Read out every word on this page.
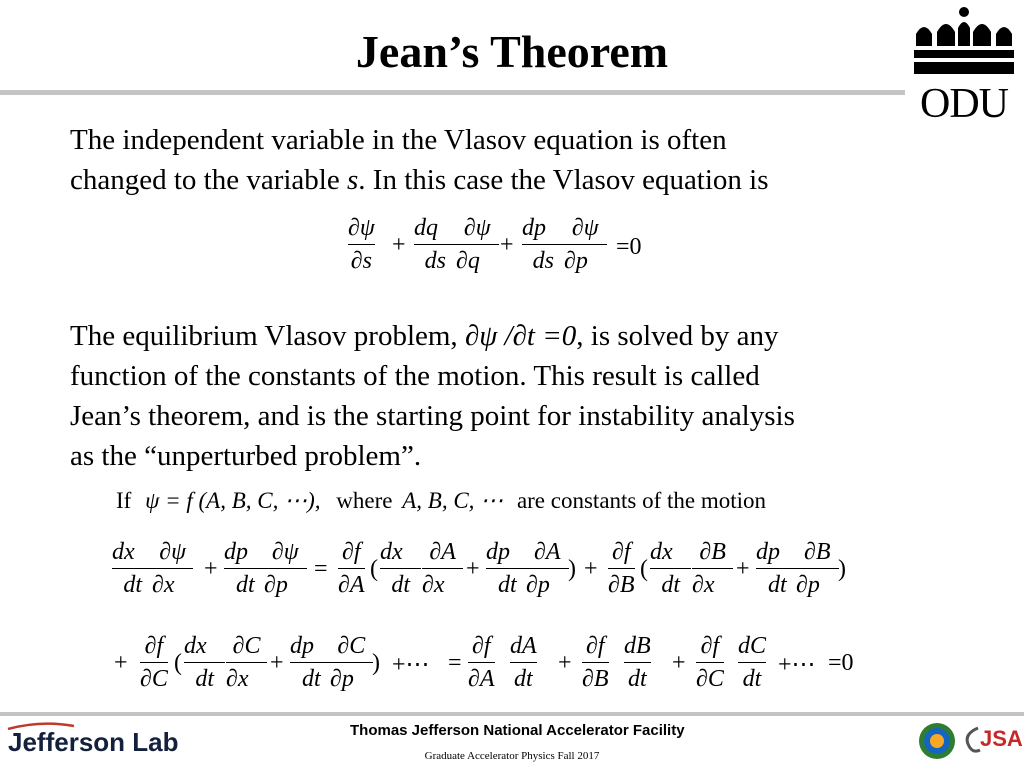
Jean’s Theorem
ODU
The independent variable in the Vlasov equation is often
changed to the variable s. In this case the Vlasov equation is
∂ψ
∂s
+
dq⃗
ds
∂ψ
∂q⃗
+
dp⃗
ds
∂ψ
∂p⃗
=0
The equilibrium Vlasov problem, ∂ψ /∂t =0, is solved by any
function of the constants of the motion. This result is called
Jean’s theorem, and is the starting point for instability analysis
as the “unperturbed problem”.
If ψ = f (A, B, C, ⋯), where A, B, C, ⋯ are constants of the motion
dx⃗
dt
∂ψ
∂x⃗
dp⃗
dt
∂ψ
∂p⃗
∂f
∂A
dx⃗
dt
∂A
∂x⃗
dp⃗
dt
∂A
∂p⃗
∂f
∂B
dx⃗
dt
∂B
∂x⃗
dp⃗
dt
∂B
∂p⃗
+	= (	+	) + (	+	)
∂f
∂C
dx⃗
dt
∂C
∂x⃗
dp⃗
dt
∂C
∂p⃗
∂f
∂A
dA
dt
∂f
∂B
dB
dt
∂f
∂C
dC
dt
+ (	+	) +⋯ =	+	+	+⋯ =0
Jefferson Lab	Thomas Jefferson National Accelerator Facility
Graduate Accelerator Physics Fall 2017
JSA
